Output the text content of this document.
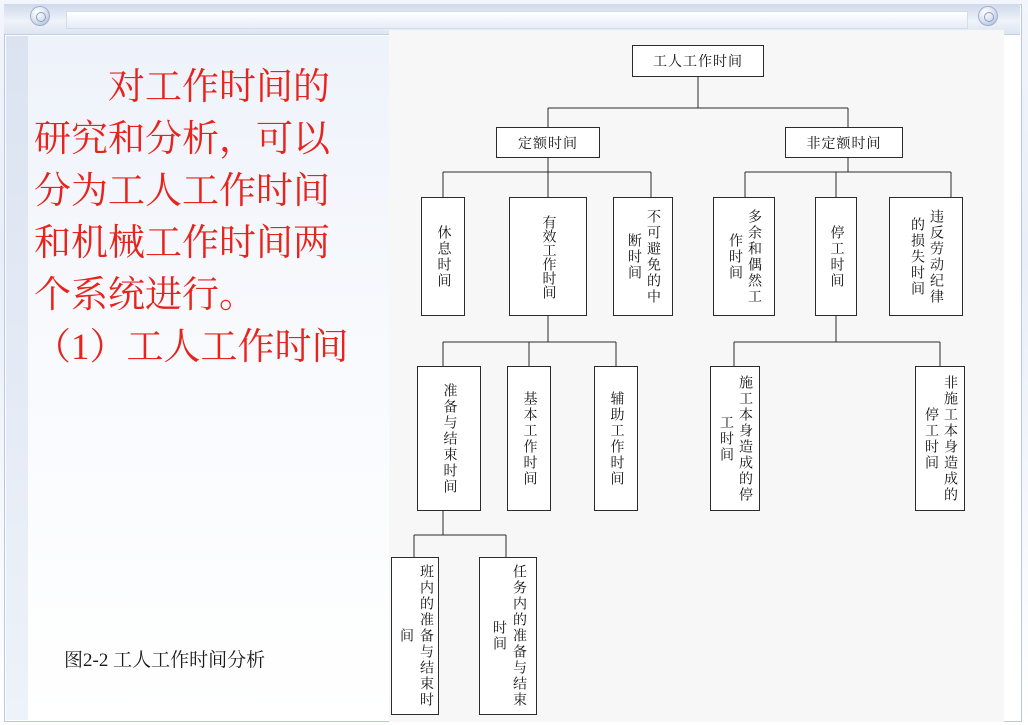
对工作时间的
研究和分析，可以
分为工人工作时间
和机械工作时间两
个系统进行。
（1）工人工作时间
图2-2 工人工作时间分析
工人工作时间
定额时间	非定额时间
休息时间	有效工作时间	不可避免的中断时间	多余和偶然工作时间	停工时间	违反劳动纪律的损失时间
准备与结束时间	基本工作时间	辅助工作时间	施工本身造成的停工时间	非施工本身造成的停工时间
班内的准备与结束时间	任务内的准备与结束时间
